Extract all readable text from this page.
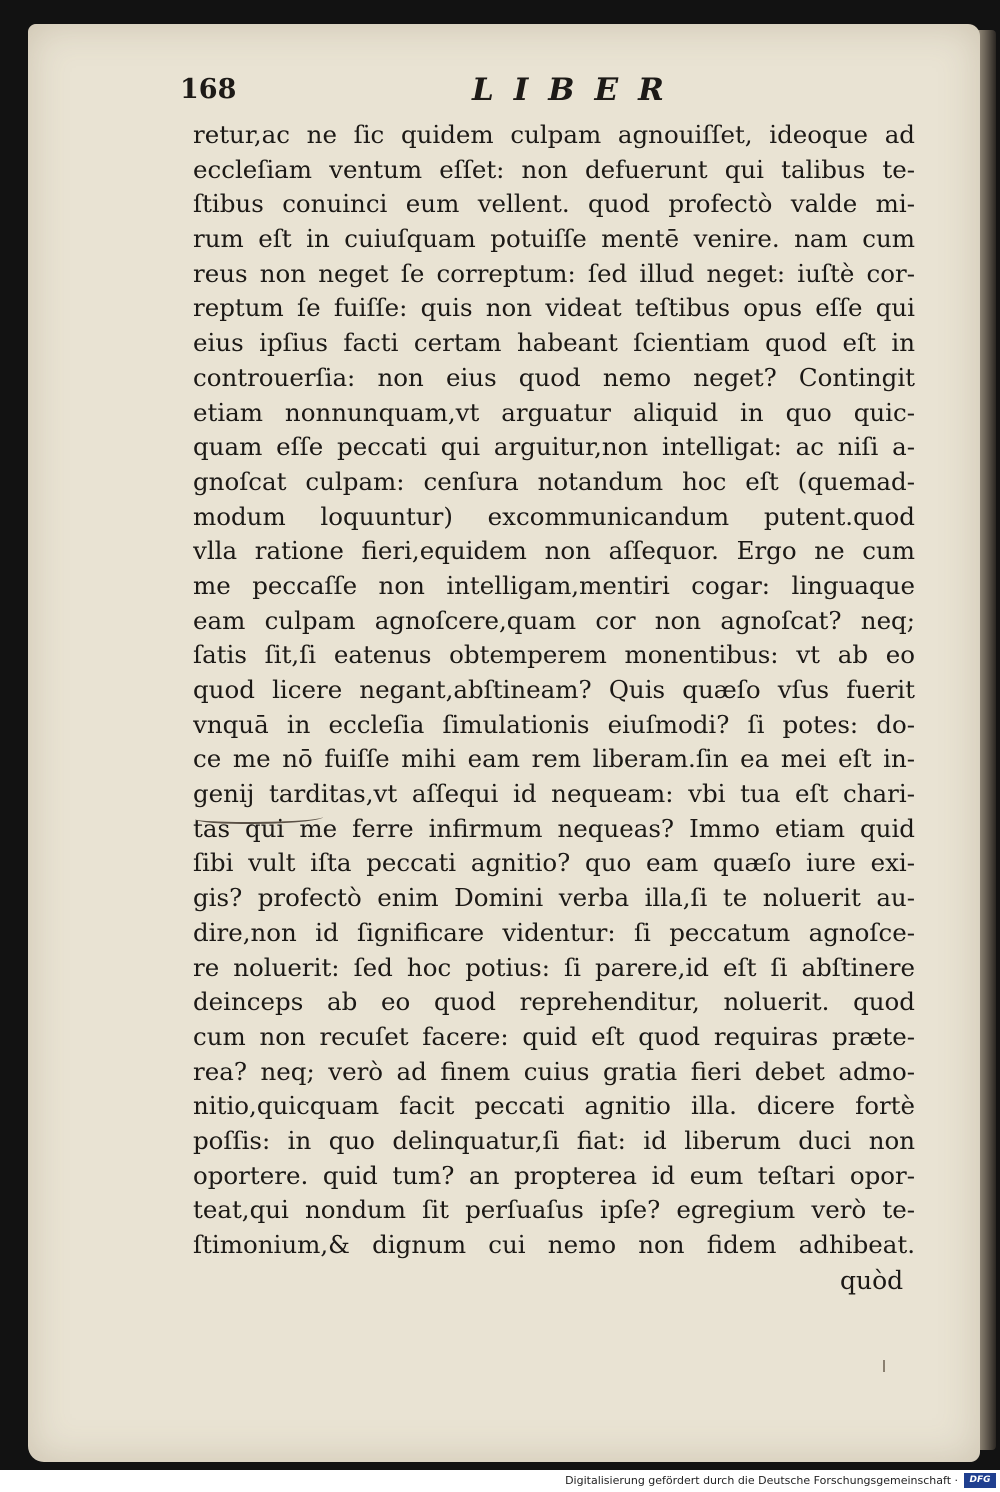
168	LIBER
retur,ac ne ſic quidem culpam agnouiſſet, ideoque ad
eccleſiam ventum eſſet: non defuerunt qui talibus te-
ſtibus conuinci eum vellent. quod profectò valde mi-
rum eſt in cuiuſquam potuiſſe mentē venire. nam cum
reus non neget ſe correptum: ſed illud neget: iuſtè cor-
reptum ſe fuiſſe: quis non videat teſtibus opus eſſe qui
eius ipſius facti certam habeant ſcientiam quod eſt in
controuerſia: non eius quod nemo neget? Contingit
etiam nonnunquam,vt arguatur aliquid in quo quic-
quam eſſe peccati qui arguitur,non intelligat: ac niſi a-
gnoſcat culpam: cenſura notandum hoc eſt (quemad-
modum loquuntur) excommunicandum putent.quod
vlla ratione fieri,equidem non aſſequor. Ergo ne cum
me peccaſſe non intelligam,mentiri cogar: linguaque
eam culpam agnoſcere,quam cor non agnoſcat? neq;
ſatis ſit,ſi eatenus obtemperem monentibus: vt ab eo
quod licere negant,abſtineam? Quis quæſo vſus fuerit
vnquā in eccleſia ſimulationis eiuſmodi? ſi potes: do-
ce me nō fuiſſe mihi eam rem liberam.ſin ea mei eſt in-
genij tarditas,vt aſſequi id nequeam: vbi tua eſt chari-
tas qui me ferre infirmum nequeas? Immo etiam quid
ſibi vult iſta peccati agnitio? quo eam quæſo iure exi-
gis? profectò enim Domini verba illa,ſi te noluerit au-
dire,non id ſignificare videntur: ſi peccatum agnoſce-
re noluerit: ſed hoc potius: ſi parere,id eſt ſi abſtinere
deinceps ab eo quod reprehenditur, noluerit. quod
cum non recuſet facere: quid eſt quod requiras præte-
rea? neq; verò ad finem cuius gratia fieri debet admo-
nitio,quicquam facit peccati agnitio illa. dicere fortè
poſſis: in quo delinquatur,ſi fiat: id liberum duci non
oportere. quid tum? an propterea id eum teſtari opor-
teat,qui nondum ſit perſuaſus ipſe? egregium verò te-
ſtimonium,& dignum cui nemo non fidem adhibeat.
quòd
Digitalisierung gefördert durch die Deutsche Forschungsgemeinschaft ·	DFG
